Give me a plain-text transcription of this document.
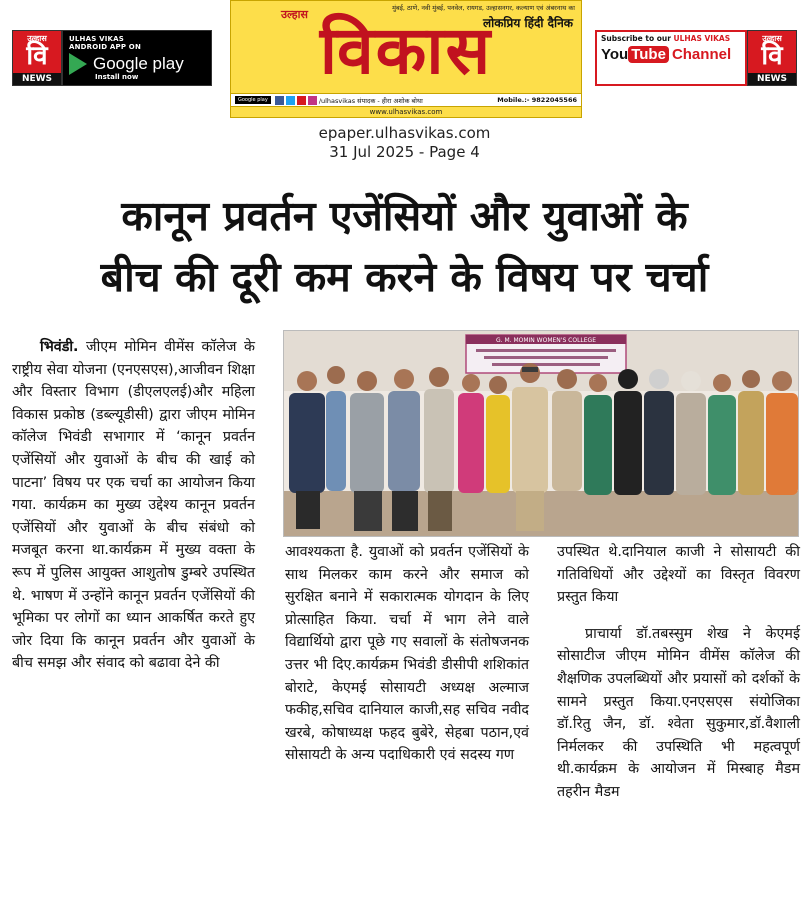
उल्हास
वि
NEWS
ULHAS VIKAS
ANDROID APP ON
Google play
Install now
मुंबई, ठाणे, नवी मुंबई, पनवेल, रायगड, उल्हासनगर, कल्याण एवं अंबरनाथ का
लोकप्रिय हिंदी दैनिक
उल्हास विकास
Google play	/ulhasvikas संपादक - हीरा अशोक बोथा	Mobile.:- 9822045566
www.ulhasvikas.com
Subscribe to our ULHAS VIKAS
You Tube Channel
उल्हास
वि
NEWS
epaper.ulhasvikas.com
31 Jul 2025 - Page 4
कानून प्रवर्तन एजेंसियों और युवाओं के
बीच की दूरी कम करने के विषय पर चर्चा
भिवंडी. जीएम मोमिन वीमेंस कॉलेज के राष्ट्रीय सेवा योजना (एनएसएस),आजीवन शिक्षा और विस्तार विभाग (डीएलएलई)और महिला विकास प्रकोष्ठ (डब्ल्यूडीसी) द्वारा जीएम मोमिन कॉलेज भिवंडी सभागार में ‘कानून प्रवर्तन एजेंसियों और युवाओं के बीच की खाई को पाटना’ विषय पर एक चर्चा का आयोजन किया गया. कार्यक्रम का मुख्य उद्देश्य कानून प्रवर्तन एजेंसियों और युवाओं के बीच संबंधो को मजबूत करना था.कार्यक्रम में मुख्य वक्ता के रूप में पुलिस आयुक्त आशुतोष डुम्बरे उपस्थित थे. भाषण में उन्होंने कानून प्रवर्तन एजेंसियों की भूमिका पर लोगों का ध्यान आकर्षित करते हुए जोर दिया कि कानून प्रवर्तन और युवाओं के बीच समझ और संवाद को बढावा देने की
G. M. MOMIN WOMEN'S COLLEGE
आवश्यकता है. युवाओं को प्रवर्तन एजेंसियों के साथ मिलकर काम करने और समाज को सुरक्षित बनाने में सकारात्मक योगदान के लिए प्रोत्साहित किया. चर्चा में भाग लेने वाले विद्यार्थियो द्वारा पूछे गए सवालों के संतोषजनक उत्तर भी दिए.कार्यक्रम भिवंडी डीसीपी शशिकांत बोराटे, केएमई सोसायटी अध्यक्ष अल्माज फकीह,सचिव दानियाल काजी,सह सचिव नवीद खरबे, कोषाध्यक्ष फहद बुबेरे, सेहबा पठान,एवं सोसायटी के अन्य पदाधिकारी एवं सदस्य गण
उपस्थित थे.दानियाल काजी ने सोसायटी की गतिविधियों और उद्देश्यों का विस्तृत विवरण प्रस्तुत किया
प्राचार्या डॉ.तबस्सुम शेख ने केएमई सोसाटीज जीएम मोमिन वीमेंस कॉलेज की शैक्षणिक उपलब्धियों और प्रयासों को दर्शकों के सामने प्रस्तुत किया.एनएसएस संयोजिका डॉ.रितु जैन, डॉ. श्वेता सुकुमार,डॉ.वैशाली निर्मलकर की उपस्थिति भी महत्वपूर्ण थी.कार्यक्रम के आयोजन में मिस्बाह मैडम तहरीन मैडम
